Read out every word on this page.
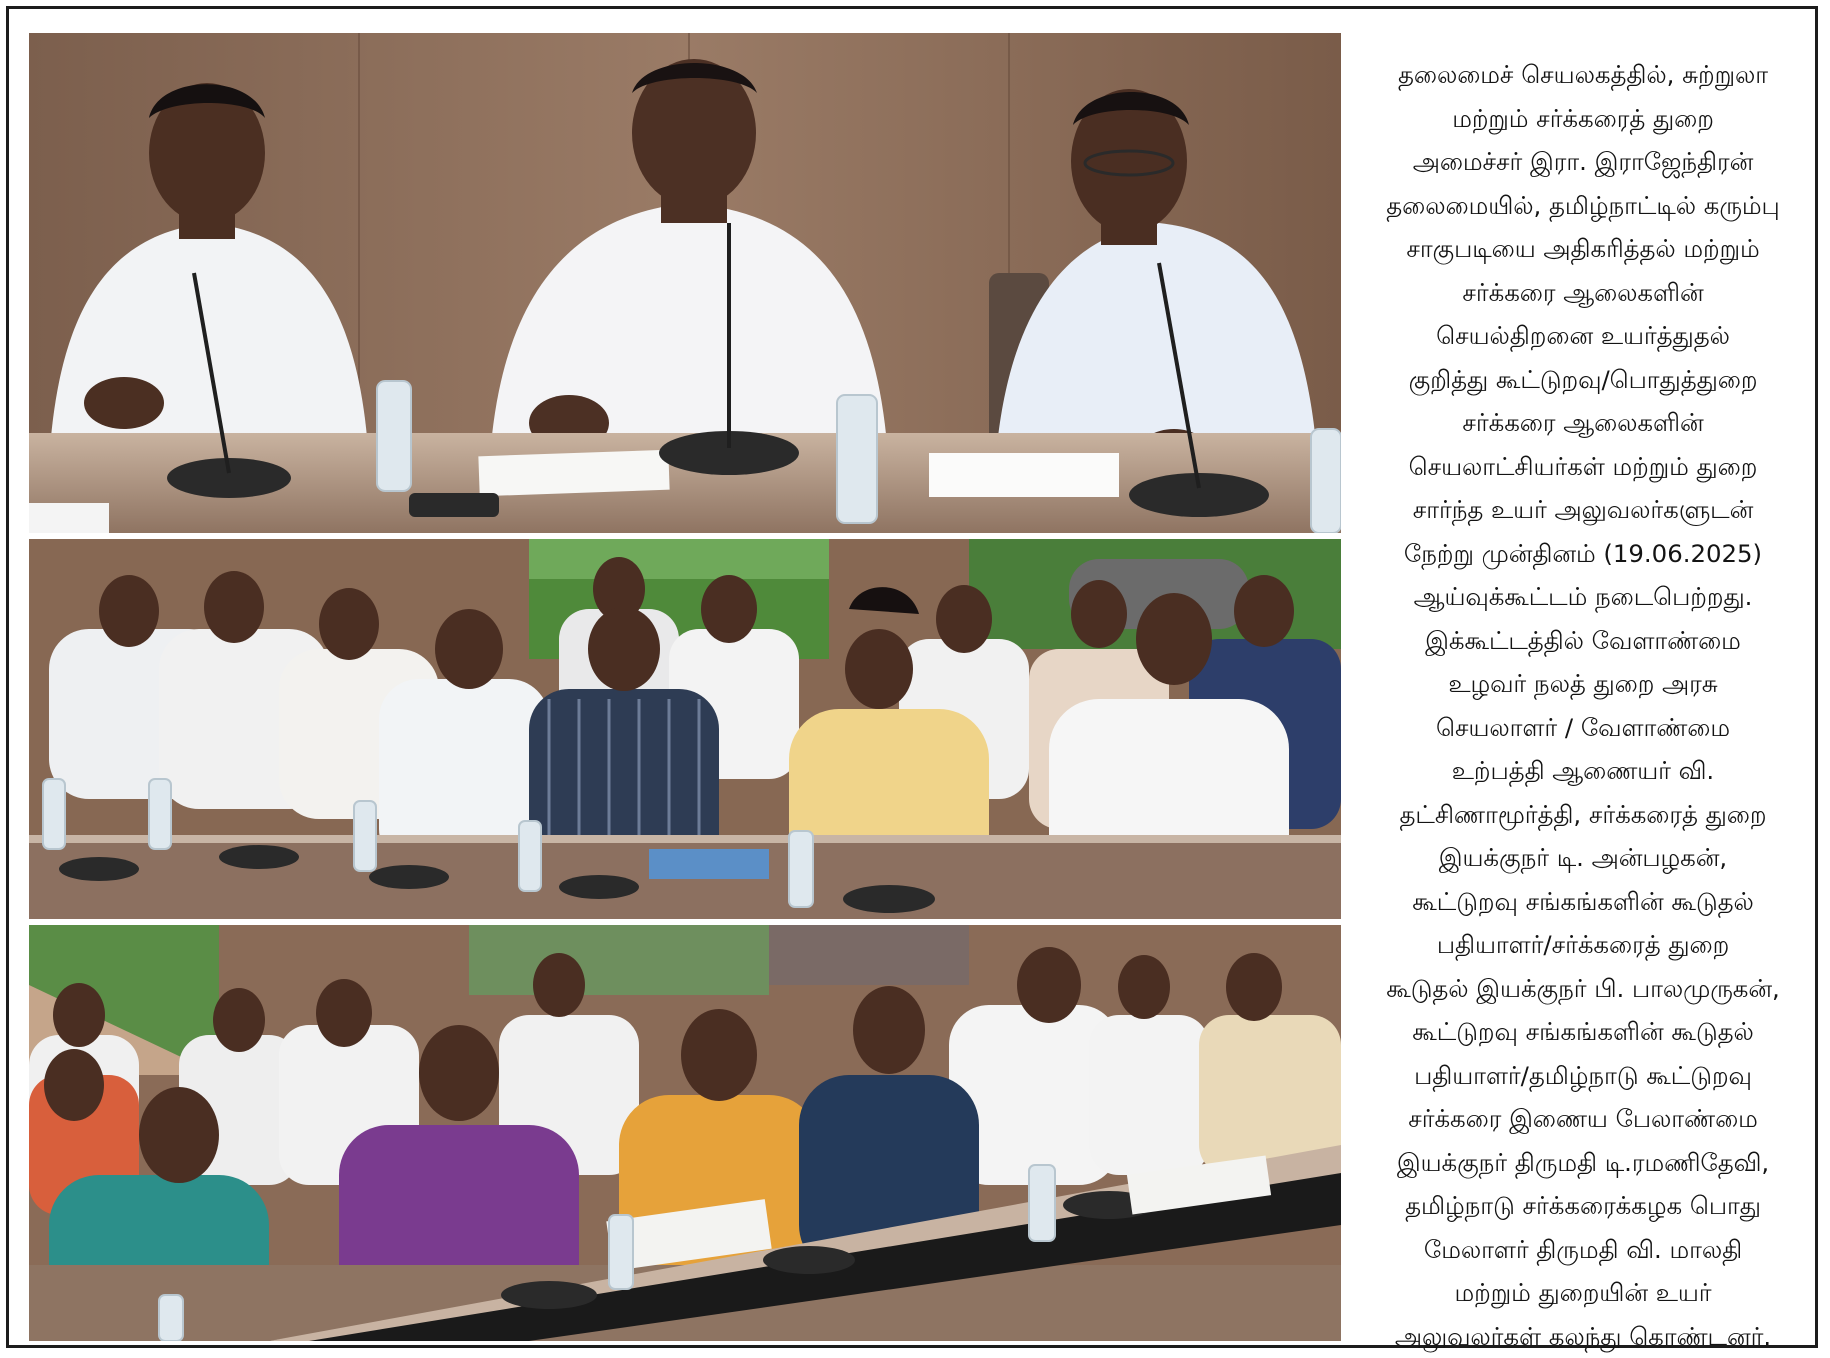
தலைமைச் செயலகத்தில், சுற்றுலா
மற்றும் சர்க்கரைத் துறை
அமைச்சர் இரா. இராஜேந்திரன்
தலைமையில், தமிழ்நாட்டில் கரும்பு
சாகுபடியை அதிகரித்தல் மற்றும்
சர்க்கரை ஆலைகளின்
செயல்திறனை உயர்த்துதல்
குறித்து கூட்டுறவு/பொதுத்துறை
சர்க்கரை ஆலைகளின்
செயலாட்சியர்கள் மற்றும் துறை
சார்ந்த உயர் அலுவலர்களுடன்
நேற்று முன்தினம் (19.06.2025)
ஆய்வுக்கூட்டம் நடைபெற்றது.
இக்கூட்டத்தில் வேளாண்மை
உழவர் நலத் துறை அரசு
செயலாளர் / வேளாண்மை
உற்பத்தி ஆணையர் வி.
தட்சிணாமூர்த்தி, சர்க்கரைத் துறை
இயக்குநர் டி. அன்பழகன்,
கூட்டுறவு சங்கங்களின் கூடுதல்
பதியாளர்/சர்க்கரைத் துறை
கூடுதல் இயக்குநர் பி. பாலமுருகன்,
கூட்டுறவு சங்கங்களின் கூடுதல்
பதியாளர்/தமிழ்நாடு கூட்டுறவு
சர்க்கரை இணைய பேலாண்மை
இயக்குநர் திருமதி டி.ரமணிதேவி,
தமிழ்நாடு சர்க்கரைக்கழக பொது
மேலாளர் திருமதி வி. மாலதி
மற்றும் துறையின் உயர்
அலுவலர்கள் கலந்து கொண்டனர்.
